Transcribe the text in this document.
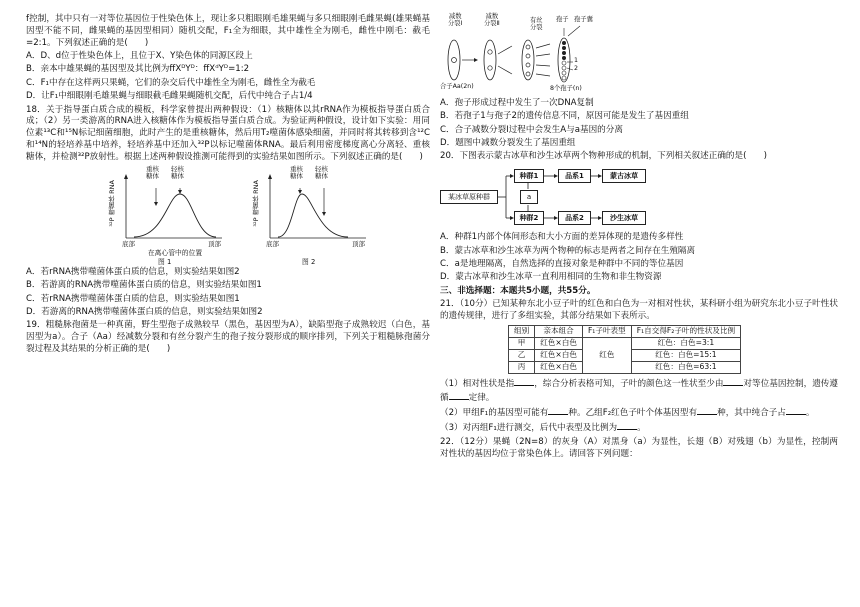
f控制，其中只有一对等位基因位于性染色体上，现让多只粗眼刚毛雄果蝇与多只细眼刚毛雌果蝇(雄果蝇基因型不能不同，雌果蝇的基因型相同）随机交配，F₁全为细眼，其中雄性全为刚毛，雌性中刚毛：截毛=2:1。下列叙述正确的是(　　)

A．D、d位于性染色体上，且位于X、Y染色体的同源区段上
B．亲本中雄果蝇的基因型及其比例为ffXᴰYᴰ：ffXᵈYᴰ=1:2
C．F₁中存在这样两只果蝇，它们的杂交后代中雄性全为刚毛，雌性全为截毛
D．让F₁中细眼刚毛雄果蝇与细眼截毛雌果蝇随机交配，后代中纯合子占1/4

18．关于指导蛋白质合成的模板，科学家曾提出两种假设：（1）核糖体以其rRNA作为模板指导蛋白质合成；（2）另一类游离的RNA进入核糖体作为模板指导蛋白质合成。为验证两种假设，设计如下实验：用同位素¹³C和¹⁵N标记细菌细胞，此时产生的是重核糖体，然后用T₂噬菌体感染细菌，并同时将其转移到含¹²C和¹⁴N的轻培养基中培养，轻培养基中还加入³²P以标记噬菌体RNA。最后利用密度梯度离心分离轻、重核糖体，并检测³²P放射性。根据上述两种假设推测可能得到的实验结果如图所示。下列叙述正确的是(　　)

重核
糖体
轻核
糖体
³²P 噬菌体 RNA
底部	顶部
在离心管中的位置
重核
糖体
轻核
糖体
³²P 噬菌体 RNA
底部	顶部
图 1	图 2
A．若rRNA携带噬菌体蛋白质的信息，则实验结果如图2
B．若游离的RNA携带噬菌体蛋白质的信息，则实验结果如图1
C．若rRNA携带噬菌体蛋白质的信息，则实验结果如图1
D．若游离的RNA携带噬菌体蛋白质的信息，则实验结果如图2

19．粗糙脉孢菌是一种真菌，野生型孢子成熟较早（黑色，基因型为A），缺陷型孢子成熟较迟（白色，基因型为a）。合子（Aa）经减数分裂和有丝分裂产生的孢子按分裂形成的顺序排列，下列关于粗糙脉孢菌分裂过程及其结果的分析正确的是(　　)

减数
分裂Ⅰ
减数
分裂Ⅱ	有丝
分裂
孢子 孢子囊
1
2
合子Aa(2n)	8个孢子(n)
A．孢子形成过程中发生了一次DNA复制
B．若孢子1与孢子2的遗传信息不同，原因可能是发生了基因重组
C．合子减数分裂Ⅰ过程中会发生A与a基因的分离
D．题图中减数分裂发生了基因重组

20．下图表示蒙古冰草和沙生冰草两个物种形成的机制，下列相关叙述正确的是(　　)

某冰草原种群
种群1
a
种群2
品系1
品系2
蒙古冰草
沙生冰草
A．种群1内部个体间形态和大小方面的差异体现的是遗传多样性
B．蒙古冰草和沙生冰草为两个物种的标志是两者之间存在生殖隔离
C．a是地理隔离，自然选择的直接对象是种群中不同的等位基因
D．蒙古冰草和沙生冰草一直利用相同的生物和非生物资源
三、非选择题：本题共5小题，共55分。

21．（10分）已知某种东北小豆子叶的红色和白色为一对相对性状，某科研小组为研究东北小豆子叶性状的遗传规律，进行了多组实验，其部分结果如下表所示。

组别	亲本组合	F₁子叶表型	F₁自交得F₂子叶的性状及比例
甲	红色×白色	红色	红色：白色=3:1
乙	红色×白色		红色：白色=15:1
丙	红色×白色		红色：白色=63:1

（1）相对性状是指 ，综合分析表格可知，子叶的颜色这一性状至少由 对等位基因控制，遗传遵循 定律。

（2）甲组F₁的基因型可能有 种。乙组F₂红色子叶个体基因型有 种，其中纯合子占 。

（3）对丙组F₁进行测交，后代中表型及比例为 。

22．（12分）果蝇（2N=8）的灰身（A）对黑身（a）为显性，长翅（B）对残翅（b）为显性，控制两对性状的基因均位于常染色体上。请回答下列问题：
